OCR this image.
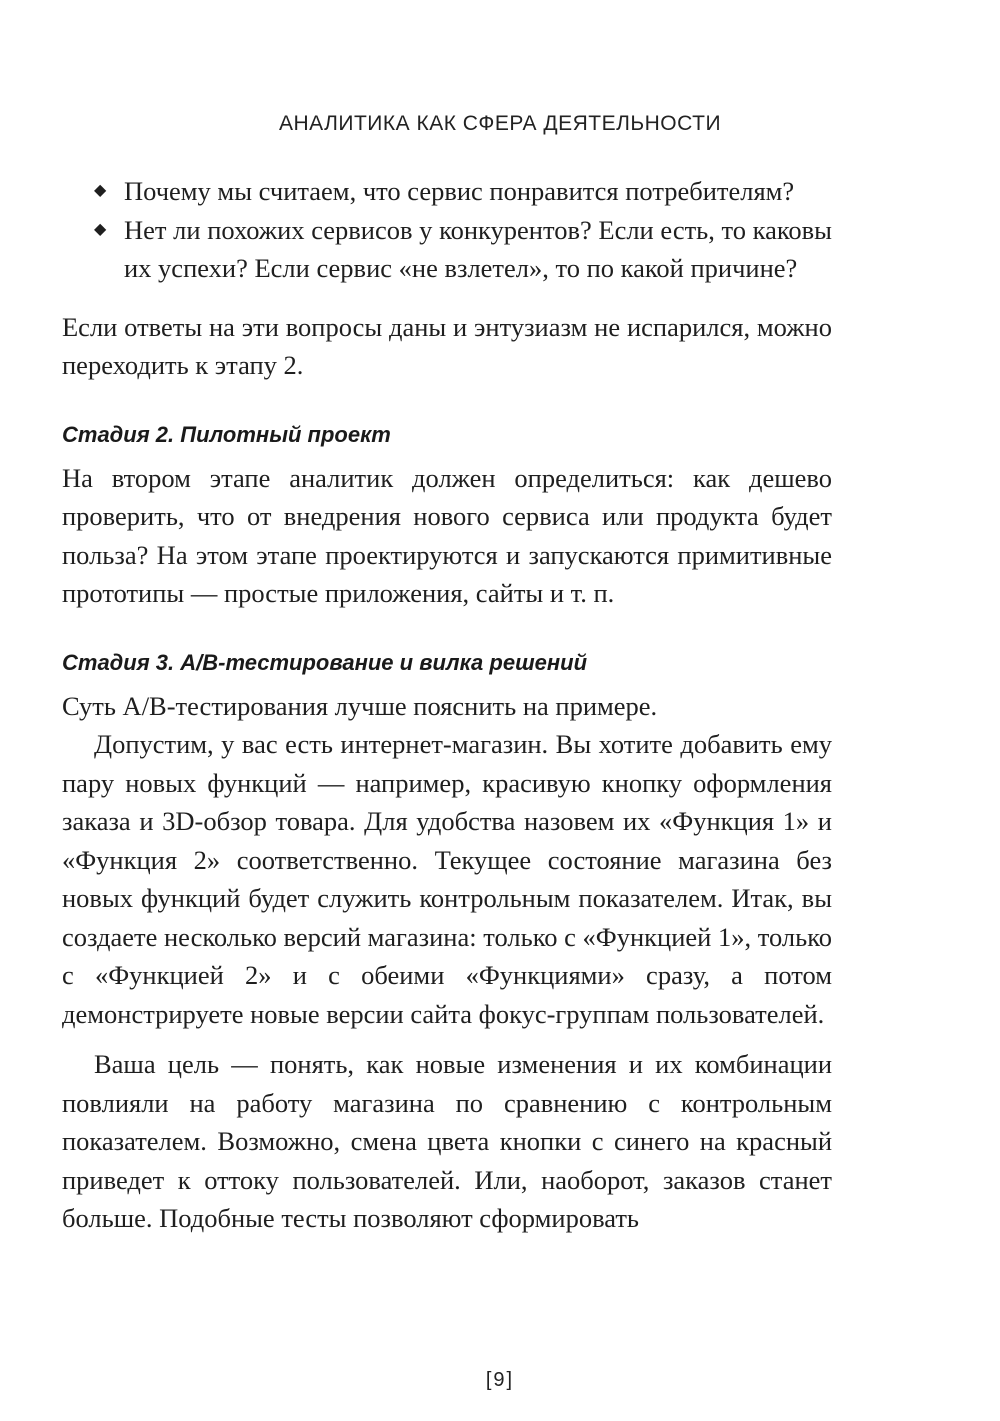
АНАЛИТИКА КАК СФЕРА ДЕЯТЕЛЬНОСТИ
◆ Почему мы считаем, что сервис понравится потребителям?
◆ Нет ли похожих сервисов у конкурентов? Если есть, то каковы их успехи? Если сервис «не взлетел», то по какой причине?

Если ответы на эти вопросы даны и энтузиазм не испарился, можно переходить к этапу 2.

Стадия 2. Пилотный проект

На втором этапе аналитик должен определиться: как дешево проверить, что от внедрения нового сервиса или продукта будет польза? На этом этапе проектируются и запускаются примитивные прототипы — простые приложения, сайты и т. п.

Стадия 3. А/В-тестирование и вилка решений

Суть А/В-тестирования лучше пояснить на примере.

Допустим, у вас есть интернет-магазин. Вы хотите добавить ему пару новых функций — например, красивую кнопку оформления заказа и 3D-обзор товара. Для удобства назовем их «Функция 1» и «Функция 2» соответственно. Текущее состояние магазина без новых функций будет служить контрольным показателем. Итак, вы создаете несколько версий магазина: только с «Функцией 1», только с «Функцией 2» и с обеими «Функциями» сразу, а потом демонстрируете новые версии сайта фокус-группам пользователей.

Ваша цель — понять, как новые изменения и их комбинации повлияли на работу магазина по сравнению с контрольным показателем. Возможно, смена цвета кнопки с синего на красный приведет к оттоку пользователей. Или, наоборот, заказов станет больше. Подобные тесты позволяют сформировать

[9]
